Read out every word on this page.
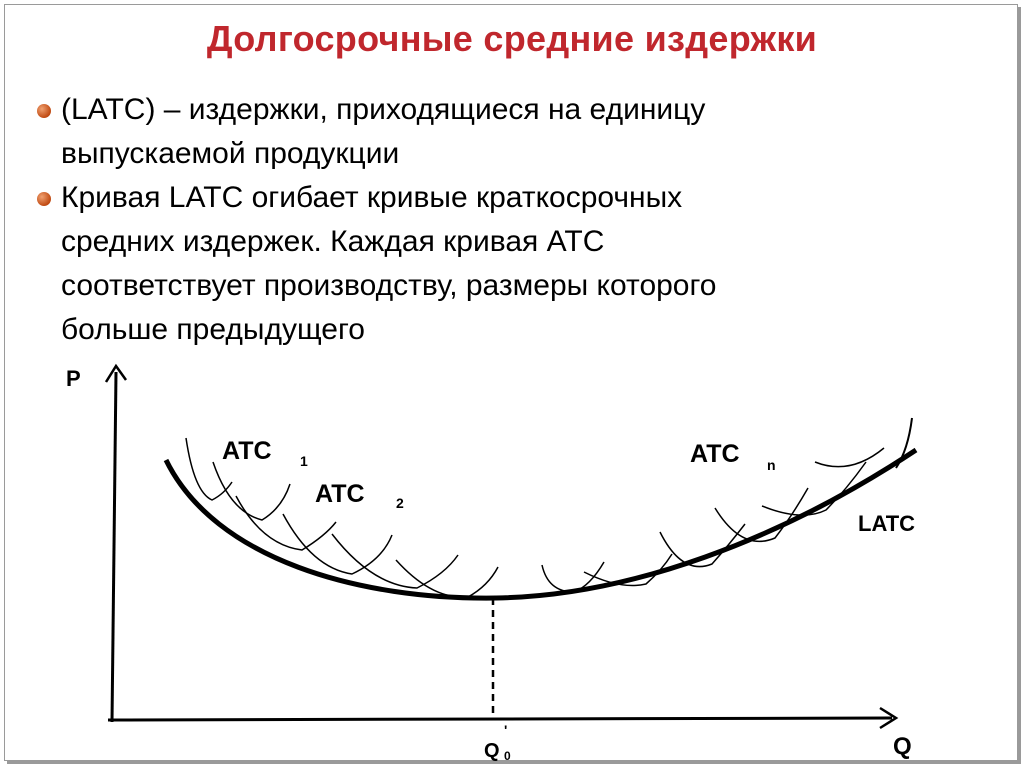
Долгосрочные средние издержки
(LATC) – издержки, приходящиеся на единицу
выпускаемой продукции
Кривая LATC огибает кривые краткосрочных
средних издержек. Каждая кривая ATC
соответствует производству, размеры которого
больше предыдущего
P
Q
Q 0
'
ATC 1
ATC 2
ATC n
LATC
